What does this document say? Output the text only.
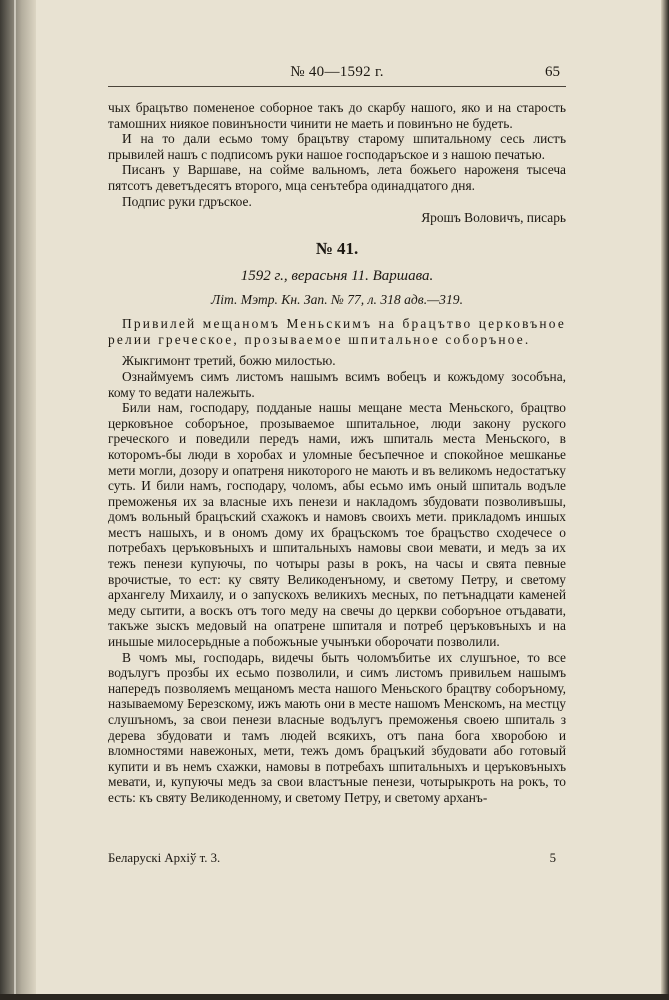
№ 40—1592 г.	65

чых брацътво помененое соборное такъ до скарбу нашого, яко и на старость тамошних ниякое повинъности чинити не маеть и повинъно не будеть.

И на то дали есьмо тому брацътву старому шпитальному сесь листъ прывилей нашъ с подписомъ руки нашое господаръское и з нашою печатью.

Писанъ у Варшаве, на сойме вальномъ, лета божьего нароженя тысеча пятсотъ деветъдесятъ второго, мца сенътебра одинадцатого дня.

Подпис руки гдръское.

Ярошъ Воловичъ, писарь

№ 41.
1592 г., верасьня 11. Варшава.
Літ. Мэтр. Кн. Зап. № 77, л. 318 адв.—319.

Привилей мещаномъ Меньскимъ на брацътво церковъное релии греческое, прозываемое шпитальное соборъное.

Жыкгимонт третий, божю милостью.

Ознаймуемъ симъ листомъ нашымъ всимъ вобецъ и кожъдому зособъна, кому то ведати належыть.

Били нам, господару, подданые нашы мещане места Меньского, брацтво церковъное соборъное, прозываемое шпитальное, люди закону руского греческого и поведили передъ нами, ижъ шпиталь места Меньского, в которомъ-бы люди в хоробах и уломные бесъпечное и спокойное мешканье мети могли, дозору и опатреня никоторого не мають и въ великомъ недостатъку суть. И били намъ, господару, чоломъ, абы есьмо имъ оный шпиталь водъле преможенья их за власные ихъ пенези и накладомъ збудовати позволивъшы, домъ вольный брацъский схажокъ и намовъ своихъ мети. прикладомъ иншых местъ нашыхъ, и в ономъ дому их брацъскомъ тое брацъство сходечесе о потребахъ церъковъныхъ и шпитальныхъ намовы свои мевати, и медъ за их тежъ пенези купуючы, по чотыры разы в рокъ, на часы и свята певные врочистые, то ест: ку святу Великоденъному, и светому Петру, и светому архангелу Михаилу, и о запускохъ великихъ месных, по петънадцати каменей меду сытити, а воскъ отъ того меду на свечы до церкви соборъное отъдавати, такъже зыскъ медовый на опатрене шпиталя и потреб церъковъныхъ и на иньшые милосерьдные а побожъные учынъки оборочати позволили.

В чомъ мы, господарь, видечы быть чоломъбитье их слушъное, то все водълугъ прозбы их есьмо позволили, и симъ листомъ привильем нашымъ напередъ позволяемъ мещаномъ места нашого Меньского брацтву соборъному, называемому Березскому, ижъ мають они в месте нашомъ Менскомъ, на местцу слушъномъ, за свои пенези власные водълугъ преможенья своею шпиталь з дерева збудовати и тамъ людей всякихъ, отъ пана бога хворобою и вломностями навежоных, мети, тежъ домъ брацъкий збудовати або готовый купити и въ немъ схажки, намовы в потребахъ шпитальныхъ и церъковъныхъ мевати, и, купуючы медъ за свои властъные пенези, чотырыкроть на рокъ, то есть: къ святу Великоденному, и светому Петру, и светому арханъ-

Беларускі Архіў т. 3.	5
